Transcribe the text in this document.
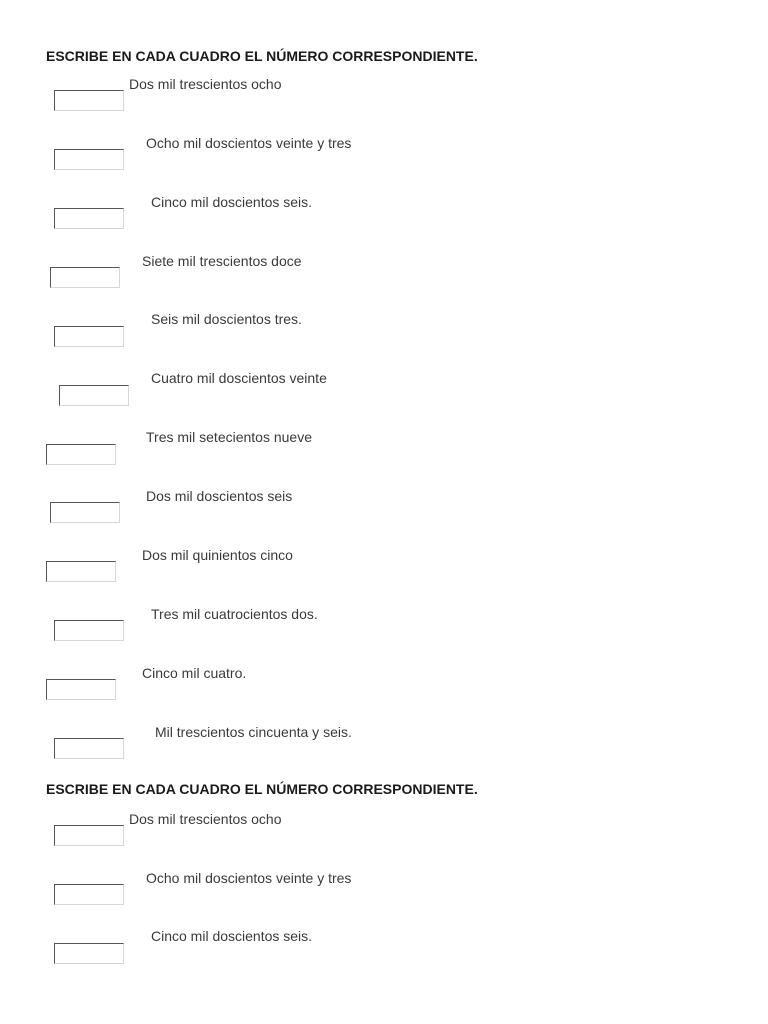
ESCRIBE EN CADA CUADRO EL NÚMERO CORRESPONDIENTE.
Dos mil trescientos ocho
Ocho mil doscientos veinte y tres
Cinco mil doscientos seis.
Siete mil trescientos doce
Seis mil doscientos tres.
Cuatro mil doscientos veinte
Tres mil setecientos nueve
Dos mil doscientos seis
Dos mil quinientos cinco
Tres mil cuatrocientos dos.
Cinco mil cuatro.
Mil trescientos cincuenta y seis.
ESCRIBE EN CADA CUADRO EL NÚMERO CORRESPONDIENTE.
Dos mil trescientos ocho
Ocho mil doscientos veinte y tres
Cinco mil doscientos seis.
